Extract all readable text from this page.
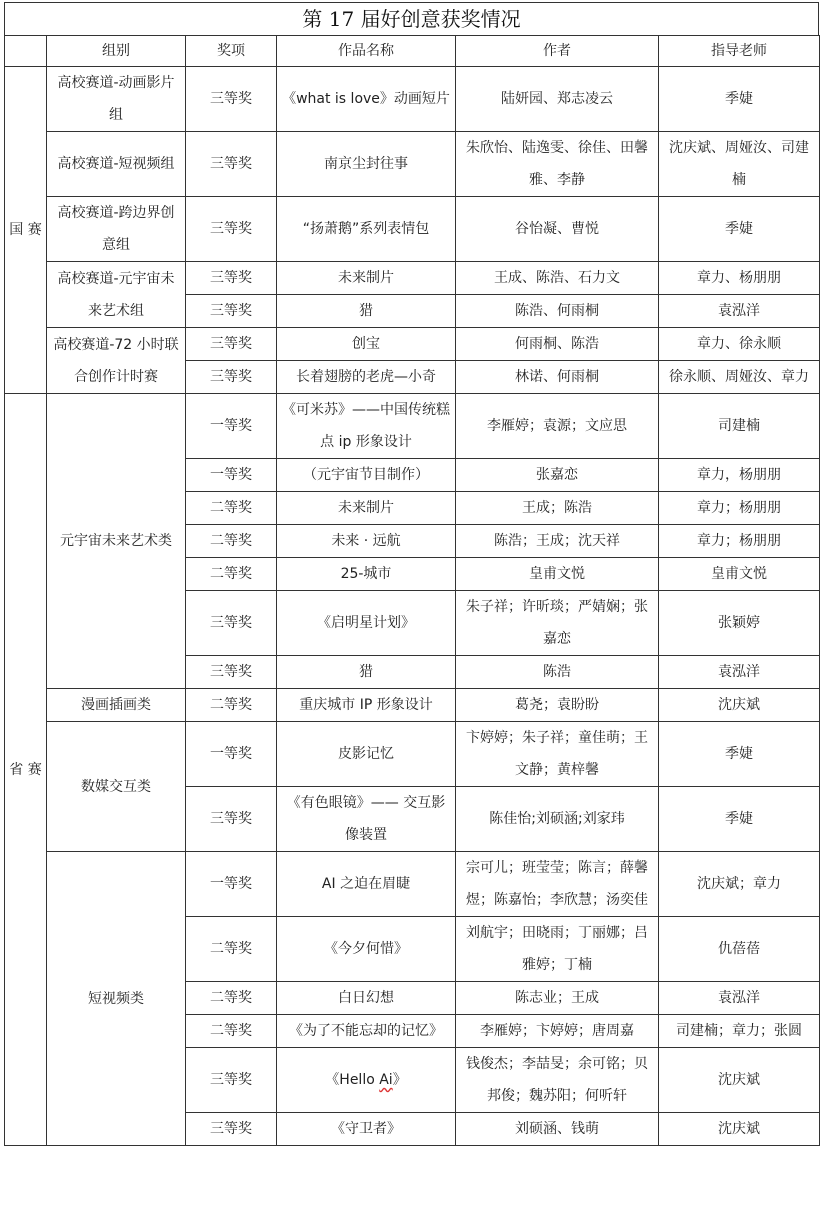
第 17 届好创意获奖情况
	组别	奖项	作品名称	作者	指导老师
国 赛	高校赛道-动画影片组	三等奖	《what is love》动画短片	陆妍园、郑志凌云	季婕
	高校赛道-短视频组	三等奖	南京尘封往事	朱欣怡、陆逸雯、徐佳、田馨雅、李静	沈庆斌、周娅汝、司建楠
	高校赛道-跨边界创意组	三等奖	“扬萧鹅”系列表情包	谷怡凝、曹悦	季婕
	高校赛道-元宇宙未来艺术组	三等奖	未来制片	王成、陈浩、石力文	章力、杨朋朋
		三等奖	猎	陈浩、何雨桐	袁泓洋
	高校赛道-72 小时联合创作计时赛	三等奖	创宝	何雨桐、陈浩	章力、徐永顺
		三等奖	长着翅膀的老虎—小奇	林诺、何雨桐	徐永顺、周娅汝、章力
省 赛	元宇宙未来艺术类	一等奖	《可米苏》——中国传统糕点 ip 形象设计	李雁婷；袁源；文应思	司建楠
		一等奖	（元宇宙节目制作）	张嘉恋	章力，杨朋朋
		二等奖	未来制片	王成；陈浩	章力；杨朋朋
		二等奖	未来 · 远航	陈浩；王成；沈天祥	章力；杨朋朋
		二等奖	25-城市	皇甫文悦	皇甫文悦
		三等奖	《启明星计划》	朱子祥；许昕琰；严婧娴；张嘉恋	张颖婷
		三等奖	猎	陈浩	袁泓洋
	漫画插画类	二等奖	重庆城市 IP 形象设计	葛尧；袁盼盼	沈庆斌
	数媒交互类	一等奖	皮影记忆	卞婷婷；朱子祥；童佳萌；王文静；黄梓馨	季婕
		三等奖	《有色眼镜》—— 交互影像装置	陈佳怡;刘硕涵;刘家玮	季婕
	短视频类	一等奖	AI 之迫在眉睫	宗可儿；班莹莹；陈言；薛馨煜；陈嘉怡；李欣慧；汤奕佳	沈庆斌；章力
		二等奖	《今夕何惜》	刘航宇；田晓雨；丁丽娜；吕雅婷；丁楠	仇蓓蓓
		二等奖	白日幻想	陈志业；王成	袁泓洋
		二等奖	《为了不能忘却的记忆》	李雁婷；卞婷婷；唐周嘉	司建楠；章力；张圆
		三等奖	《Hello Ai》	钱俊杰；李喆旻；余可铭；贝邦俊；魏苏阳；何听轩	沈庆斌
		三等奖	《守卫者》	刘硕涵、钱萌	沈庆斌
